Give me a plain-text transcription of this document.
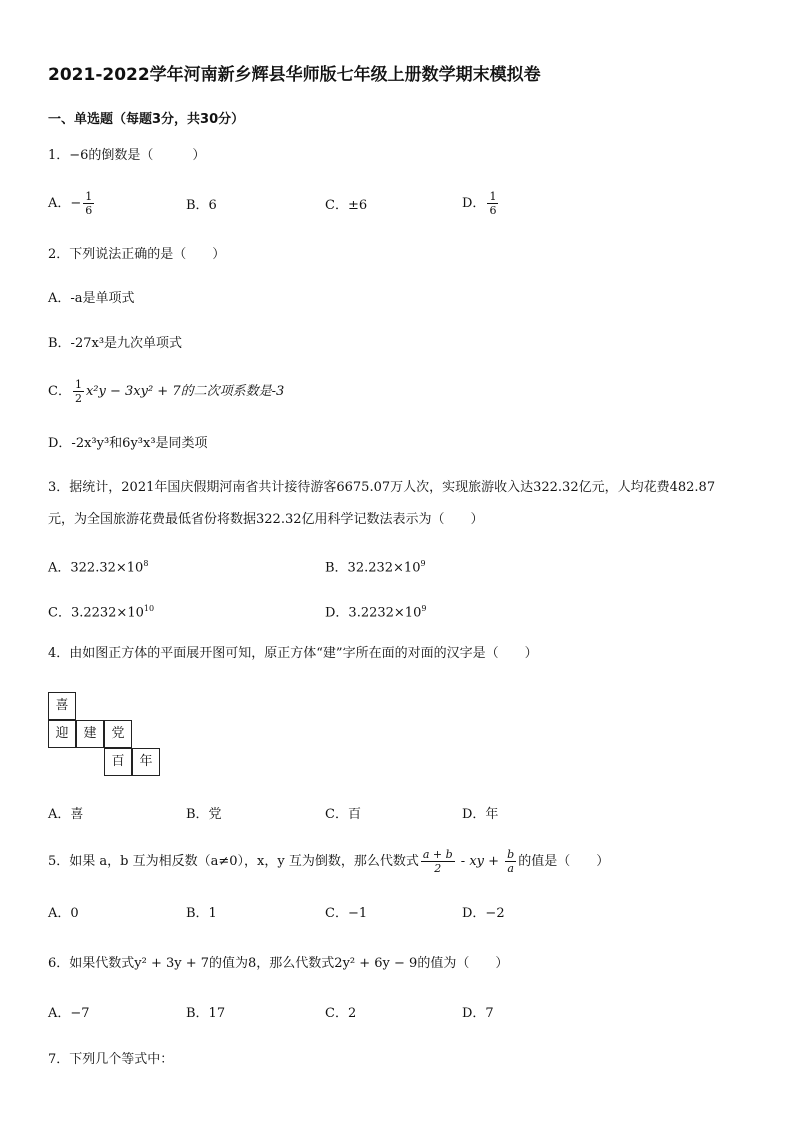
2021-2022学年河南新乡辉县华师版七年级上册数学期末模拟卷
一、单选题（每题3分，共30分）
1．−6的倒数是（　　　）
A．− $\frac{1}{6}$	B．6	C．±6	D． $\frac{1}{6}$
2．下列说法正确的是（　　）
A．-a是单项式
B．-27x³是九次单项式
C． $\frac{1}{2} x^2y - 3xy^2 + 7$的二次项系数是-3
D．-2x³y³和6y³x³是同类项
3．据统计，2021年国庆假期河南省共计接待游客6675.07万人次，实现旅游收入达322.32亿元，人均花费482.87
元，为全国旅游花费最低省份将数据322.32亿用科学记数法表示为（　　）
A．$322.32\times 10^8$	B．$32.232\times 10^9$
C．$3.2232\times 10^{10}$	D．$3.2232\times 10^9$
4．由如图正方体的平面展开图可知，原正方体“建”字所在面的对面的汉字是（　　）
喜
迎	建	党
百	年
A．喜	B．党	C．百	D．年
5．如果 a，b 互为相反数（a≠0），x，y 互为倒数，那么代数式 $\frac{a + b}{2}$ - xy + $\frac{b}{a}$ 的值是（　　）
A．0	B．1	C．−1	D．−2
6．如果代数式y² + 3y + 7的值为8，那么代数式2y² + 6y − 9的值为（　　）
A．−7	B．17	C．2	D．7
7．下列几个等式中：
